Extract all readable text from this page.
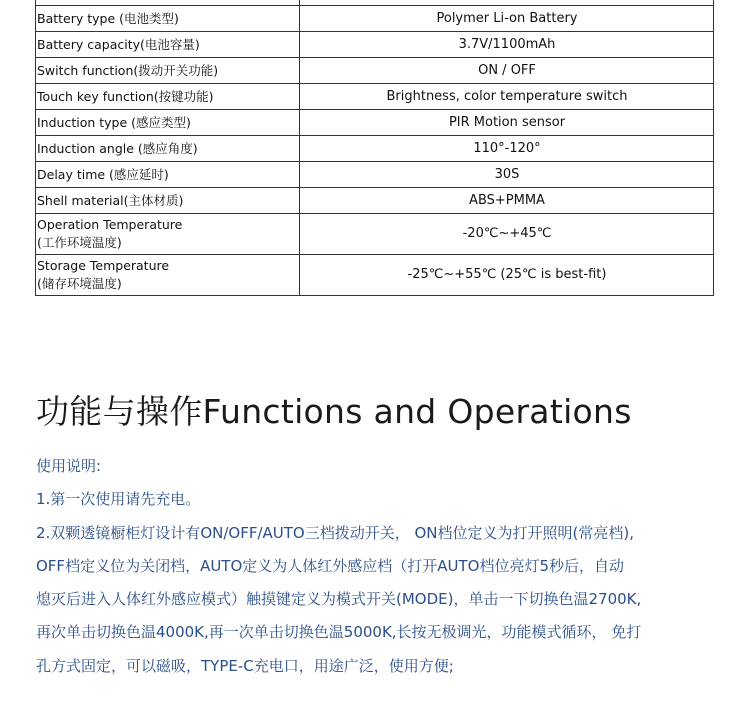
Battery type (电池类型)	Polymer Li-on Battery
Battery capacity(电池容量)	3.7V/1100mAh
Switch function(拨动开关功能)	ON / OFF
Touch key function(按键功能)	Brightness, color temperature switch
Induction type (感应类型)	PIR Motion sensor
Induction angle (感应角度)	110°-120°
Delay time (感应延时)	30S
Shell material(主体材质)	ABS+PMMA

Operation Temperature
(工作环境温度)	-20℃~+45℃

Storage Temperature
(储存环境温度)	-25℃~+55℃ (25℃ is best-fit)
功能与操作Functions and Operations

使用说明:

1.第一次使用请先充电。

2.双颗透镜橱柜灯设计有ON/OFF/AUTO三档拨动开关， ON档位定义为打开照明(常亮档),

OFF档定义位为关闭档，AUTO定义为人体红外感应档（打开AUTO档位亮灯5秒后，自动

熄灭后进入人体红外感应模式）触摸键定义为模式开关(MODE)，单击一下切换色温2700K,

再次单击切换色温4000K,再一次单击切换色温5000K,长按无极调光，功能模式循环， 免打

孔方式固定，可以磁吸，TYPE-C充电口，用途广泛，使用方便;
